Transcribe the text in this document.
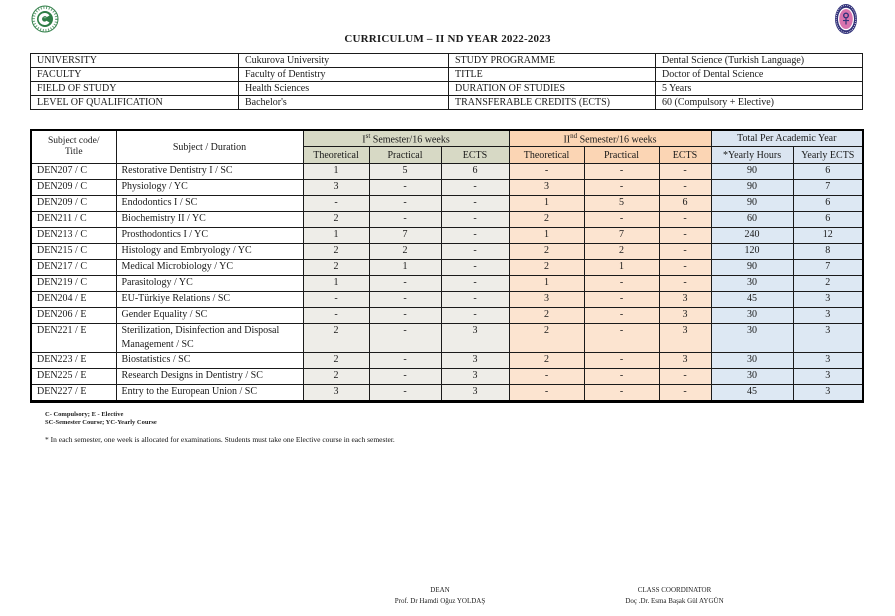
CURRICULUM – II ND YEAR 2022-2023
UNIVERSITY	Cukurova University	STUDY PROGRAMME	Dental Science (Turkish Language)
FACULTY	Faculty of Dentistry	TITLE	Doctor of Dental Science
FIELD OF STUDY	Health Sciences	DURATION OF STUDIES	5 Years
LEVEL OF QUALIFICATION	Bachelor's	TRANSFERABLE CREDITS (ECTS)	60 (Compulsory + Elective)
Subject code/
Title	Subject / Duration	Ist Semester/16 weeks			IInd Semester/16 weeks			Total Per Academic Year	
		Theoretical	Practical	ECTS	Theoretical	Practical	ECTS	*Yearly Hours	Yearly ECTS
DEN207 / C	Restorative Dentistry I / SC	1	5	6	-	-	-	90	6
DEN209 / C	Physiology / YC	3	-	-	3	-	-	90	7
DEN209 / C	Endodontics I / SC	-	-	-	1	5	6	90	6
DEN211 / C	Biochemistry II / YC	2	-	-	2	-	-	60	6
DEN213 / C	Prosthodontics I / YC	1	7	-	1	7	-	240	12
DEN215 / C	Histology and Embryology / YC	2	2	-	2	2	-	120	8
DEN217 / C	Medical Microbiology / YC	2	1	-	2	1	-	90	7
DEN219 / C	Parasitology / YC	1	-	-	1	-	-	30	2
DEN204 / E	EU-Türkiye Relations / SC	-	-	-	3	-	3	45	3
DEN206 / E	Gender Equality / SC	-	-	-	2	-	3	30	3
DEN221 / E	Sterilization, Disinfection and Disposal Management / SC	2	-	3	2	-	3	30	3
DEN223 / E	Biostatistics / SC	2	-	3	2	-	3	30	3
DEN225 / E	Research Designs in Dentistry / SC	2	-	3	-	-	-	30	3
DEN227 / E	Entry to the European Union / SC	3	-	3	-	-	-	45	3
C- Compulsory; E - Elective
SC-Semester Course; YC-Yearly Course
* In each semester, one week is allocated for examinations. Students must take one Elective course in each semester.
DEAN
Prof. Dr Hamdi Oğuz YOLDAŞ
CLASS COORDINATOR
Doç .Dr. Esma Başak Gül AYGÜN
